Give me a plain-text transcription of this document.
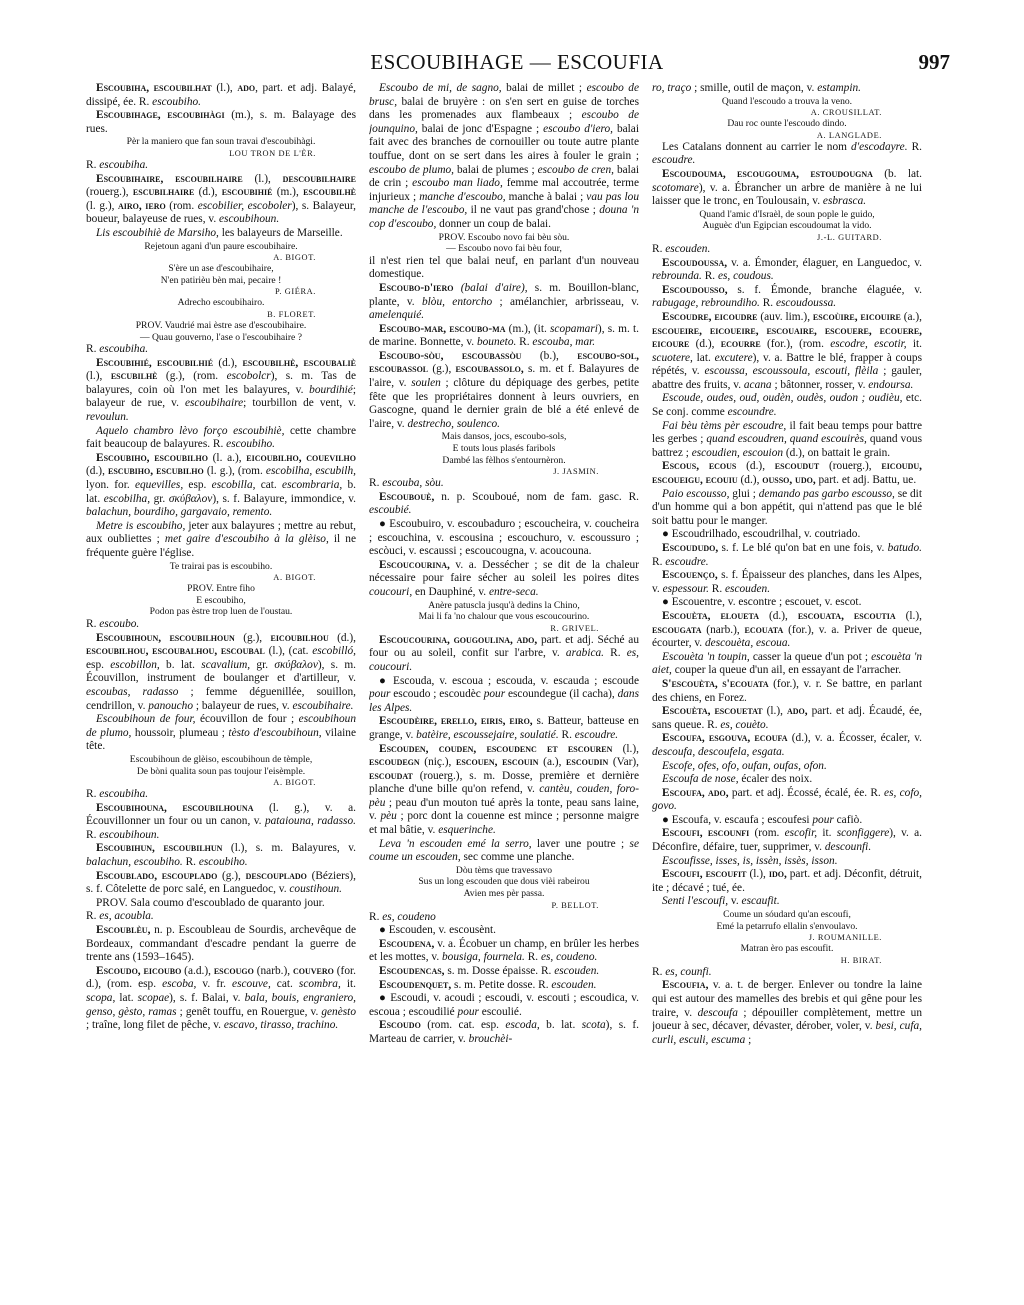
ESCOUBIHAGE — ESCOUFIA	997

Escoubiha, escoubilhat (l.), ado, part. et adj. Balayé, dissipé, ée. R. escoubiho.

Escoubihage, escoubihàgi (m.), s. m. Balayage des rues.

Pèr la maniero que fan soun travai d'escoubihàgi.

LOU TRON DE L'ÈR.

R. escoubiha.

Escoubihaire, escoubilhaire (l.), descoubilhaire (rouerg.), escubilhaire (d.), escoubihié (m.), escoubilhè (l. g.), airo, iero (rom. escobilier, escoboler), s. Balayeur, boueur, balayeuse de rues, v. escoubihoun.

Lis escoubihiè de Marsiho, les balayeurs de Marseille.

Rejetoun agani d'un paure escoubihaire.

A. BIGOT.

S'ère un ase d'escoubihaire,
N'en patirièu bèn mai, pecaire !

P. GIÉRA.

Adrecho escoubihairo.

B. FLORET.

PROV. Vaudrié mai èstre ase d'escoubihaire.
— Quau gouverno, l'ase o l'escoubihaire ?

R. escoubiha.

Escoubihié, escoubilhié (d.), escoubilhè, escoubaliè (l.), escubilhè (g.), (rom. escobolcr), s. m. Tas de balayures, coin où l'on met les balayures, v. bourdihié; balayeur de rue, v. escoubihaire; tourbillon de vent, v. revoulun.

Aquelo chambro lèvo forço escoubihiè, cette chambre fait beaucoup de balayures. R. escoubiho.

Escoubiho, escoubilho (l. a.), eicoubilho, couevilho (d.), escubiho, escubilho (l. g.), (rom. escobilha, escubilh, lyon. for. equevilles, esp. escobilla, cat. escombraria, b. lat. escobilha, gr. σκύβαλον), s. f. Balayure, immondice, v. balachun, bourdiho, gargavaio, remento.

Metre is escoubiho, jeter aux balayures ; mettre au rebut, aux oubliettes ; met gaire d'escoubiho à la glèiso, il ne fréquente guère l'église.

Te trairai pas is escoubiho.

A. BIGOT.

PROV. Entre fiho
E escoubiho,
Podon pas èstre trop luen de l'oustau.

R. escoubo.

Escoubihoun, escoubilhoun (g.), eicoubilhou (d.), escoubilhou, escoubalhou, escoubal (l.), (cat. escobilló, esp. escobillon, b. lat. scavalium, gr. σκύβαλον), s. m. Écouvillon, instrument de boulanger et d'artilleur, v. escoubas, radasso ; femme déguenillée, souillon, cendrillon, v. panoucho ; balayeur de rues, v. escoubihaire.

Escoubihoun de four, écouvillon de four ; escoubihoun de plumo, houssoir, plumeau ; tèsto d'escoubihoun, vilaine tête.

Escoubihoun de glèiso, escoubihoun de tèmple,
De bòni qualita soun pas toujour l'eisèmple.

A. BIGOT.

R. escoubiha.

Escoubihouna, escoubilhouna (l. g.), v. a. Écouvillonner un four ou un canon, v. pataiouna, radasso. R. escoubihoun.

Escoubihun, escoubilhun (l.), s. m. Balayures, v. balachun, escoubiho. R. escoubiho.

Escoublado, escouplado (g.), descouplado (Béziers), s. f. Côtelette de porc salé, en Languedoc, v. coustihoun.

PROV. Sala coumo d'escoublado de quaranto jour.

R. es, acoubla.

Escoublèu, n. p. Escoubleau de Sourdis, archevêque de Bordeaux, commandant d'escadre pendant la guerre de trente ans (1593–1645).

Escoudo, eicoubo (a.d.), escougo (narb.), couvero (for. d.), (rom. esp. escoba, v. fr. escouve, cat. scombra, it. scopa, lat. scopae), s. f. Balai, v. bala, bouis, engraniero, genso, gèsto, ramas ; genêt touffu, en Rouergue, v. genèsto ; traîne, long filet de pêche, v. escavo, tirasso, trachino.

Escoubo de mi, de sagno, balai de millet ; escoubo de brusc, balai de bruyère : on s'en sert en guise de torches dans les promenades aux flambeaux ; escoubo de jounquino, balai de jonc d'Espagne ; escoubo d'iero, balai fait avec des branches de cornouiller ou toute autre plante touffue, dont on se sert dans les aires à fouler le grain ; escoubo de plumo, balai de plumes ; escoubo de cren, balai de crin ; escoubo man liado, femme mal accoutrée, terme injurieux ; manche d'escoubo, manche à balai ; vau pas lou manche de l'escoubo, il ne vaut pas grand'chose ; douna 'n cop d'escoubo, donner un coup de balai.

PROV. Escoubo novo fai bèu sòu.
— Escoubo novo fai bèu four,

il n'est rien tel que balai neuf, en parlant d'un nouveau domestique.

Escoubo-d'iero (balai d'aire), s. m. Bouillon-blanc, plante, v. blòu, entorcho ; amélanchier, arbrisseau, v. amelenquié.

Escoubo-mar, escoubo-ma (m.), (it. scopamari), s. m. t. de marine. Bonnette, v. bouneto. R. escouba, mar.

Escoubo-sòu, escoubassòu (b.), escoubo-sol, escoubassol (g.), escoubassolo, s. m. et f. Balayures de l'aire, v. soulen ; clôture du dépiquage des gerbes, petite fête que les propriétaires donnent à leurs ouvriers, en Gascogne, quand le dernier grain de blé a été enlevé de l'aire, v. destrecho, soulenco.

Mais dansos, jocs, escoubo-sols,
E touts lous plasés faribols
Dambé las fèlhos s'entournèron.

J. JASMIN.

R. escouba, sòu.

Escoubouè, n. p. Scouboué, nom de fam. gasc. R. escoubié.

● Escoubuiro, v. escoubaduro ; escoucheira, v. coucheira ; escouchina, v. escousina ; escouchuro, v. escoussuro ; escòuci, v. escaussi ; escoucougna, v. acoucouna.

Escoucourina, v. a. Dessécher ; se dit de la chaleur nécessaire pour faire sécher au soleil les poires dites coucouri, en Dauphiné, v. entre-seca.

Anère patuscla jusqu'à dedins la Chino,
Mai li fa 'no chalour que vous escoucourino.

R. GRIVEL.

Escoucourina, gougoulina, ado, part. et adj. Séché au four ou au soleil, confit sur l'arbre, v. arabica. R. es, coucouri.

● Escouda, v. escoua ; escouda, v. escauda ; escoude pour escoudo ; escoudèc pour escoundegue (il cacha), dans les Alpes.

Escoudèire, erello, eiris, eiro, s. Batteur, batteuse en grange, v. batèire, escoussejaire, soulatié. R. escoudre.

Escouden, couden, escoudenc et escouren (l.), escoudegn (niç.), escouen, escouin (a.), escoudin (Var), escoudat (rouerg.), s. m. Dosse, première et dernière planche d'une bille qu'on refend, v. cantèu, couden, foro-pèu ; peau d'un mouton tué après la tonte, peau sans laine, v. pèu ; porc dont la couenne est mince ; personne maigre et mal bâtie, v. esquerinche.

Leva 'n escouden emé la serro, laver une poutre ; se coume un escouden, sec comme une planche.

Dòu tèms que travessavo
Sus un long escouden que dous vièi rabeirou
Avien mes pèr passa.

P. BELLOT.

R. es, coudeno

● Escouden, v. escousènt.

Escoudena, v. a. Écobuer un champ, en brûler les herbes et les mottes, v. bousiga, fournela. R. es, coudeno.

Escoudencas, s. m. Dosse épaisse. R. escouden.

Escoudenquet, s. m. Petite dosse. R. escouden.

● Escoudi, v. acoudi ; escoudi, v. escouti ; escoudica, v. escoua ; escoudilié pour escoulié.

Escoudo (rom. cat. esp. escoda, b. lat. scota), s. f. Marteau de carrier, v. brouchèi-

ro, traço ; smille, outil de maçon, v. estampin.

Quand l'escoudo a trouva la veno.

A. CROUSILLAT.

Dau roc ounte l'escoudo dindo.

A. LANGLADE.

Les Catalans donnent au carrier le nom d'escodayre. R. escoudre.

Escoudouma, escougouma, estoudougna (b. lat. scotomare), v. a. Ébrancher un arbre de manière à ne lui laisser que le tronc, en Toulousain, v. esbrasca.

Quand l'amic d'Israèl, de soun pople le guido,
Auguèc d'un Egipcian escoudoumat la vido.

J.-L. GUITARD.

R. escouden.

Escoudoussa, v. a. Émonder, élaguer, en Languedoc, v. rebrounda. R. es, coudous.

Escoudousso, s. f. Émonde, branche élaguée, v. rabugage, rebroundiho. R. escoudoussa.

Escoudre, eicoudre (auv. lim.), escoùire, eicouire (a.), escoueire, eicoueire, escouaire, escouere, ecouere, eicoure (d.), ecourre (for.), (rom. escodre, escotir, it. scuotere, lat. excutere), v. a. Battre le blé, frapper à coups répétés, v. escoussa, escoussoula, escouti, flèila ; gauler, abattre des fruits, v. acana ; bâtonner, rosser, v. endoursa.

Escoude, oudes, oud, oudèn, oudès, oudon ; oudièu, etc. Se conj. comme escoundre.

Fai bèu tèms pèr escoudre, il fait beau temps pour battre les gerbes ; quand escoudren, quand escouirès, quand vous battrez ; escoudien, escouion (d.), on battait le grain.

Escous, ecous (d.), escoudut (rouerg.), eicoudu, escoueigu, ecouiu (d.), ousso, udo, part. et adj. Battu, ue.

Paio escousso, glui ; demando pas garbo escousso, se dit d'un homme qui a bon appétit, qui n'attend pas que le blé soit battu pour le manger.

● Escoudrilhado, escoudrilhal, v. coutriado.

Escoududo, s. f. Le blé qu'on bat en une fois, v. batudo. R. escoudre.

Escouenço, s. f. Épaisseur des planches, dans les Alpes, v. espessour. R. escouden.

● Escouentre, v. escontre ; escouet, v. escot.

Escouèta, eloueta (d.), escouata, escoutia (l.), escougata (narb.), ecouata (for.), v. a. Priver de queue, écourter, v. descouèta, escoua.

Escouèta 'n toupin, casser la queue d'un pot ; escouèta 'n aiet, couper la queue d'un ail, en essayant de l'arracher.

S'escouèta, s'ecouata (for.), v. r. Se battre, en parlant des chiens, en Forez.

Escouèta, escouetat (l.), ado, part. et adj. Écaudé, ée, sans queue. R. es, couèto.

Escoufa, esgouva, ecoufa (d.), v. a. Écosser, écaler, v. descoufa, descoufela, esgata.

Escofe, ofes, ofo, oufan, oufas, ofon.

Escoufa de nose, écaler des noix.

Escoufa, ado, part. et adj. Écossé, écalé, ée. R. es, cofo, govo.

● Escoufa, v. escaufa ; escoufesi pour cafiò.

Escoufi, escounfi (rom. escofir, it. sconfiggere), v. a. Déconfire, défaire, tuer, supprimer, v. descounfi.

Escoufisse, isses, is, issèn, issès, isson.

Escoufi, escoufit (l.), ido, part. et adj. Déconfit, détruit, ite ; décavé ; tué, ée.

Senti l'escoufi, v. escaufit.

Coume un sóudard qu'an escoufi,
Emé la petarrufo ellalin s'envoulavo.

J. ROUMANILLE.

Matran èro pas escoufit.

H. BIRAT.

R. es, counfi.

Escoufia, v. a. t. de berger. Enlever ou tondre la laine qui est autour des mamelles des brebis et qui gêne pour les traire, v. descoufa ; dépouiller complètement, mettre un joueur à sec, décaver, dévaster, dérober, voler, v. besi, cufa, curli, esculi, escuma ;
